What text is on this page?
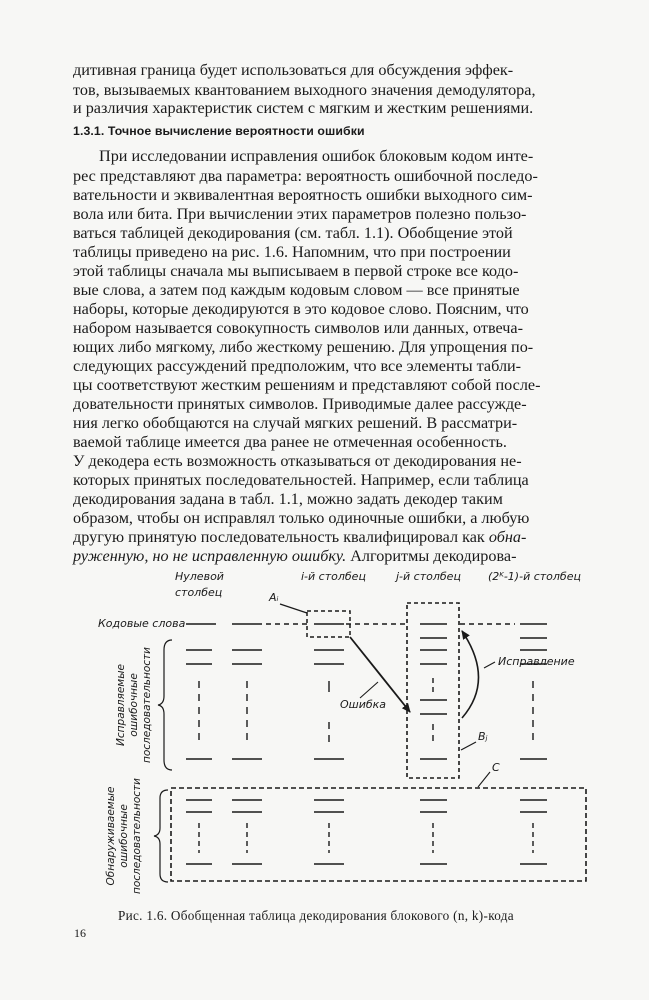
дитивная граница будет использоваться для обсуждения эффек-
тов, вызываемых квантованием выходного значения демодулятора,
и различия характеристик систем с мягким и жестким решениями.
1.3.1. Точное вычисление вероятности ошибки
При исследовании исправления ошибок блоковым кодом интe-
рес представляют два параметра: вероятность ошибочной последо-
вательности и эквивалентная вероятность ошибки выходного сим-
вола или бита. При вычислении этих параметров полезно пользо-
ваться таблицей декодирования (см. табл. 1.1). Обобщение этой
таблицы приведено на рис. 1.6. Напомним, что при построении
этой таблицы сначала мы выписываем в первой строке все кодо-
вые слова, а затем под каждым кодовым словом — все принятые
наборы, которые декодируются в это кодовое слово. Поясним, что
набором называется совокупность символов или данных, отвеча-
ющих либо мягкому, либо жесткому решению. Для упрощения по-
следующих рассуждений предположим, что все элементы табли-
цы соответствуют жестким решениям и представляют собой после-
довательности принятых символов. Приводимые далее рассужде-
ния легко обобщаются на случай мягких решений. В рассматри-
ваемой таблице имеется два ранее не отмеченная особенность.
У декодера есть возможность отказываться от декодирования не-
которых принятых последовательностей. Например, если таблица
декодирования задана в табл. 1.1, можно задать декодер таким
образом, чтобы он исправлял только одиночные ошибки, а любую
другую принятую последовательность квалифицировал как обна-
руженную, но не исправленную ошибку. Алгоритмы декодирова-
Нулевой
столбец
i-й столбец	j-й столбец (2ᴷ-1)-й столбец
Кодовые слова
Aᵢ
Bⱼ
Ошибка
Исправление
Исправляемые ошибочные последовательности
C
Обнаруживаемые ошибочные последовательности
Рис. 1.6. Обобщенная таблица декодирования блокового (n, k)-кода
16
